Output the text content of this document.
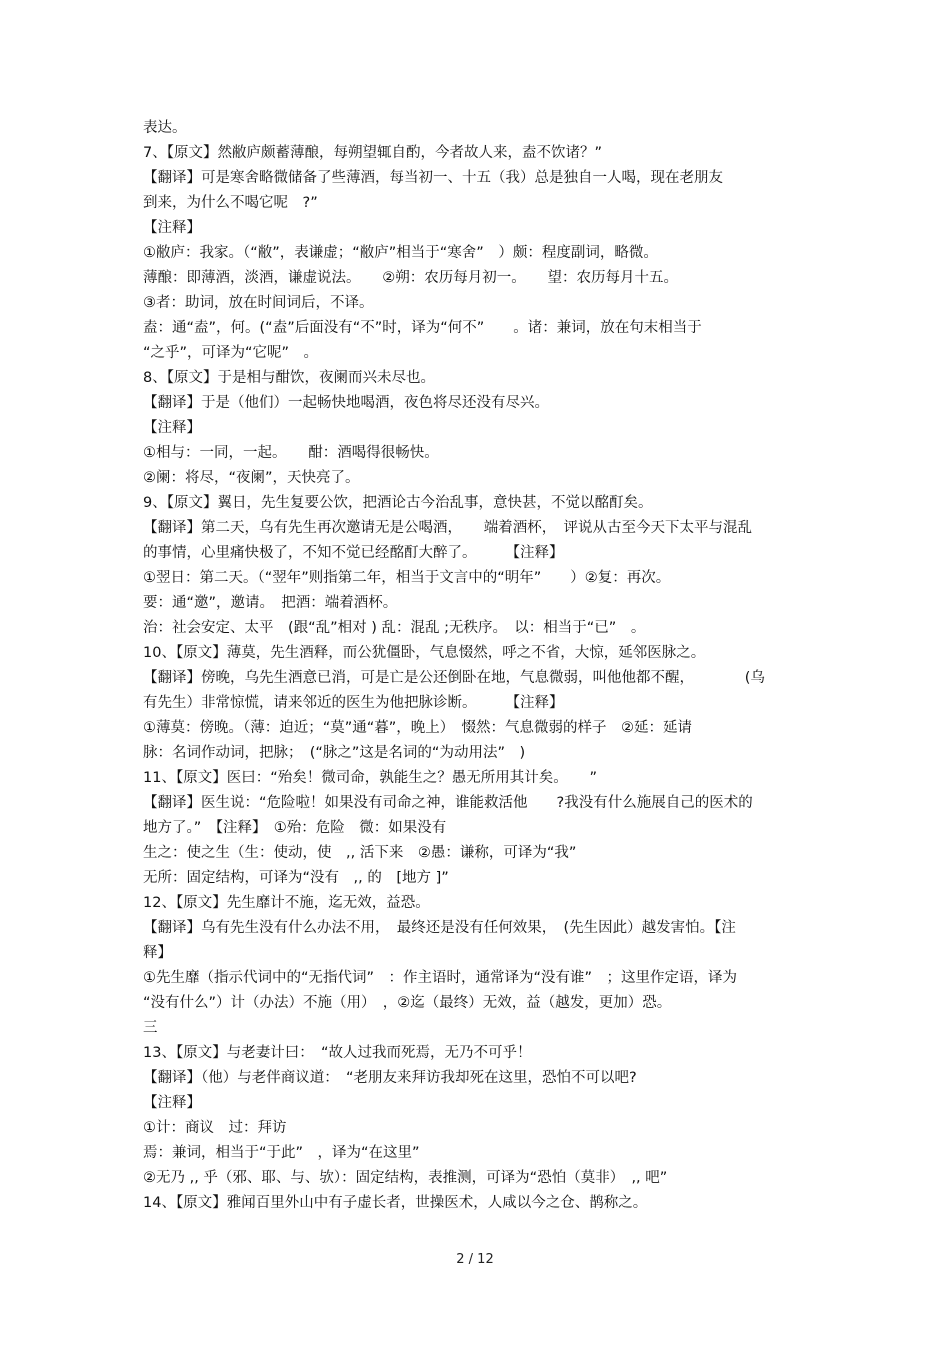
表达。
7、【原文】然敝庐颇蓄薄酿，每朔望辄自酌，今者故人来，盍不饮诸？”
【翻译】可是寒舍略微储备了些薄酒，每当初一、十五（我）总是独自一人喝，现在老朋友
到来，为什么不喝它呢　?”
【注释】
①敝庐：我家。（“敝”，表谦虚；“敝庐”相当于“寒舍”　）颇：程度副词，略微。
薄酿：即薄酒，淡酒，谦虚说法。　　②朔：农历每月初一。　　望：农历每月十五。
③者：助词，放在时间词后，不译。
盍：通“盍”，何。(“盍”后面没有“不”时，译为“何不”　　。诸：兼词，放在句末相当于
“之乎”，可译为“它呢”　。
8、【原文】于是相与酣饮，夜阑而兴未尽也。
【翻译】于是（他们）一起畅快地喝酒，夜色将尽还没有尽兴。
【注释】
①相与：一同，一起。　　酣：酒喝得很畅快。
②阑：将尽，“夜阑”，天快亮了。
9、【原文】翼日，先生复要公饮，把酒论古今治乱事，意快甚，不觉以酩酊矣。
【翻译】第二天，乌有先生再次邀请无是公喝酒，　　端着酒杯，　评说从古至今天下太平与混乱
的事情，心里痛快极了，不知不觉已经酩酊大醉了。　　　【注释】
①翌日：第二天。（“翌年”则指第二年，相当于文言中的“明年”　　）②复：再次。
要：通“邀”，邀请。　把酒：端着酒杯。
治：社会安定、太平　(跟“乱”相对 ) 乱：混乱 ;无秩序。　以：相当于“已”　。
10、【原文】薄莫，先生酒释，而公犹僵卧，气息惙然，呼之不省，大惊，延邻医脉之。
【翻译】傍晚，乌先生酒意已消，可是亡是公还倒卧在地，气息微弱，叫他他都不醒，　　　　(乌
有先生）非常惊慌，请来邻近的医生为他把脉诊断。　　　【注释】
①薄莫：傍晚。（薄：迫近；“莫”通“暮”，晚上）　惙然：气息微弱的样子　②延：延请
脉：名词作动词，把脉；　(“脉之”这是名词的“为动用法”　)
11、【原文】医曰：“殆矣！微司命，孰能生之？愚无所用其计矣。　　”
【翻译】医生说：“危险啦！如果没有司命之神，谁能救活他　　?我没有什么施展自己的医术的
地方了。”　【注释】　①殆：危险　微：如果没有
生之：使之生（生：使动，使　,, 活下来　②愚：谦称，可译为“我”
无所：固定结构，可译为“没有　,, 的　[地方 ]”
12、【原文】先生靡计不施，迄无效，益恐。
【翻译】乌有先生没有什么办法不用，　最终还是没有任何效果，　(先生因此）越发害怕。【注
释】
①先生靡（指示代词中的“无指代词”　：作主语时，通常译为“没有谁”　；这里作定语，译为
“没有什么”）计（办法）不施（用）　，②迄（最终）无效，益（越发，更加）恐。
三
13、【原文】与老妻计曰：　“故人过我而死焉，无乃不可乎！
【翻译】（他）与老伴商议道：　“老朋友来拜访我却死在这里，恐怕不可以吧?
【注释】
①计：商议　过：拜访
焉：兼词，相当于“于此”　，译为“在这里”
②无乃 ,, 乎（邪、耶、与、欤）：固定结构，表推测，可译为“恐怕（莫非）　,, 吧”
14、【原文】雅闻百里外山中有子虚长者，世操医术，人咸以今之仓、鹊称之。
2 / 12
